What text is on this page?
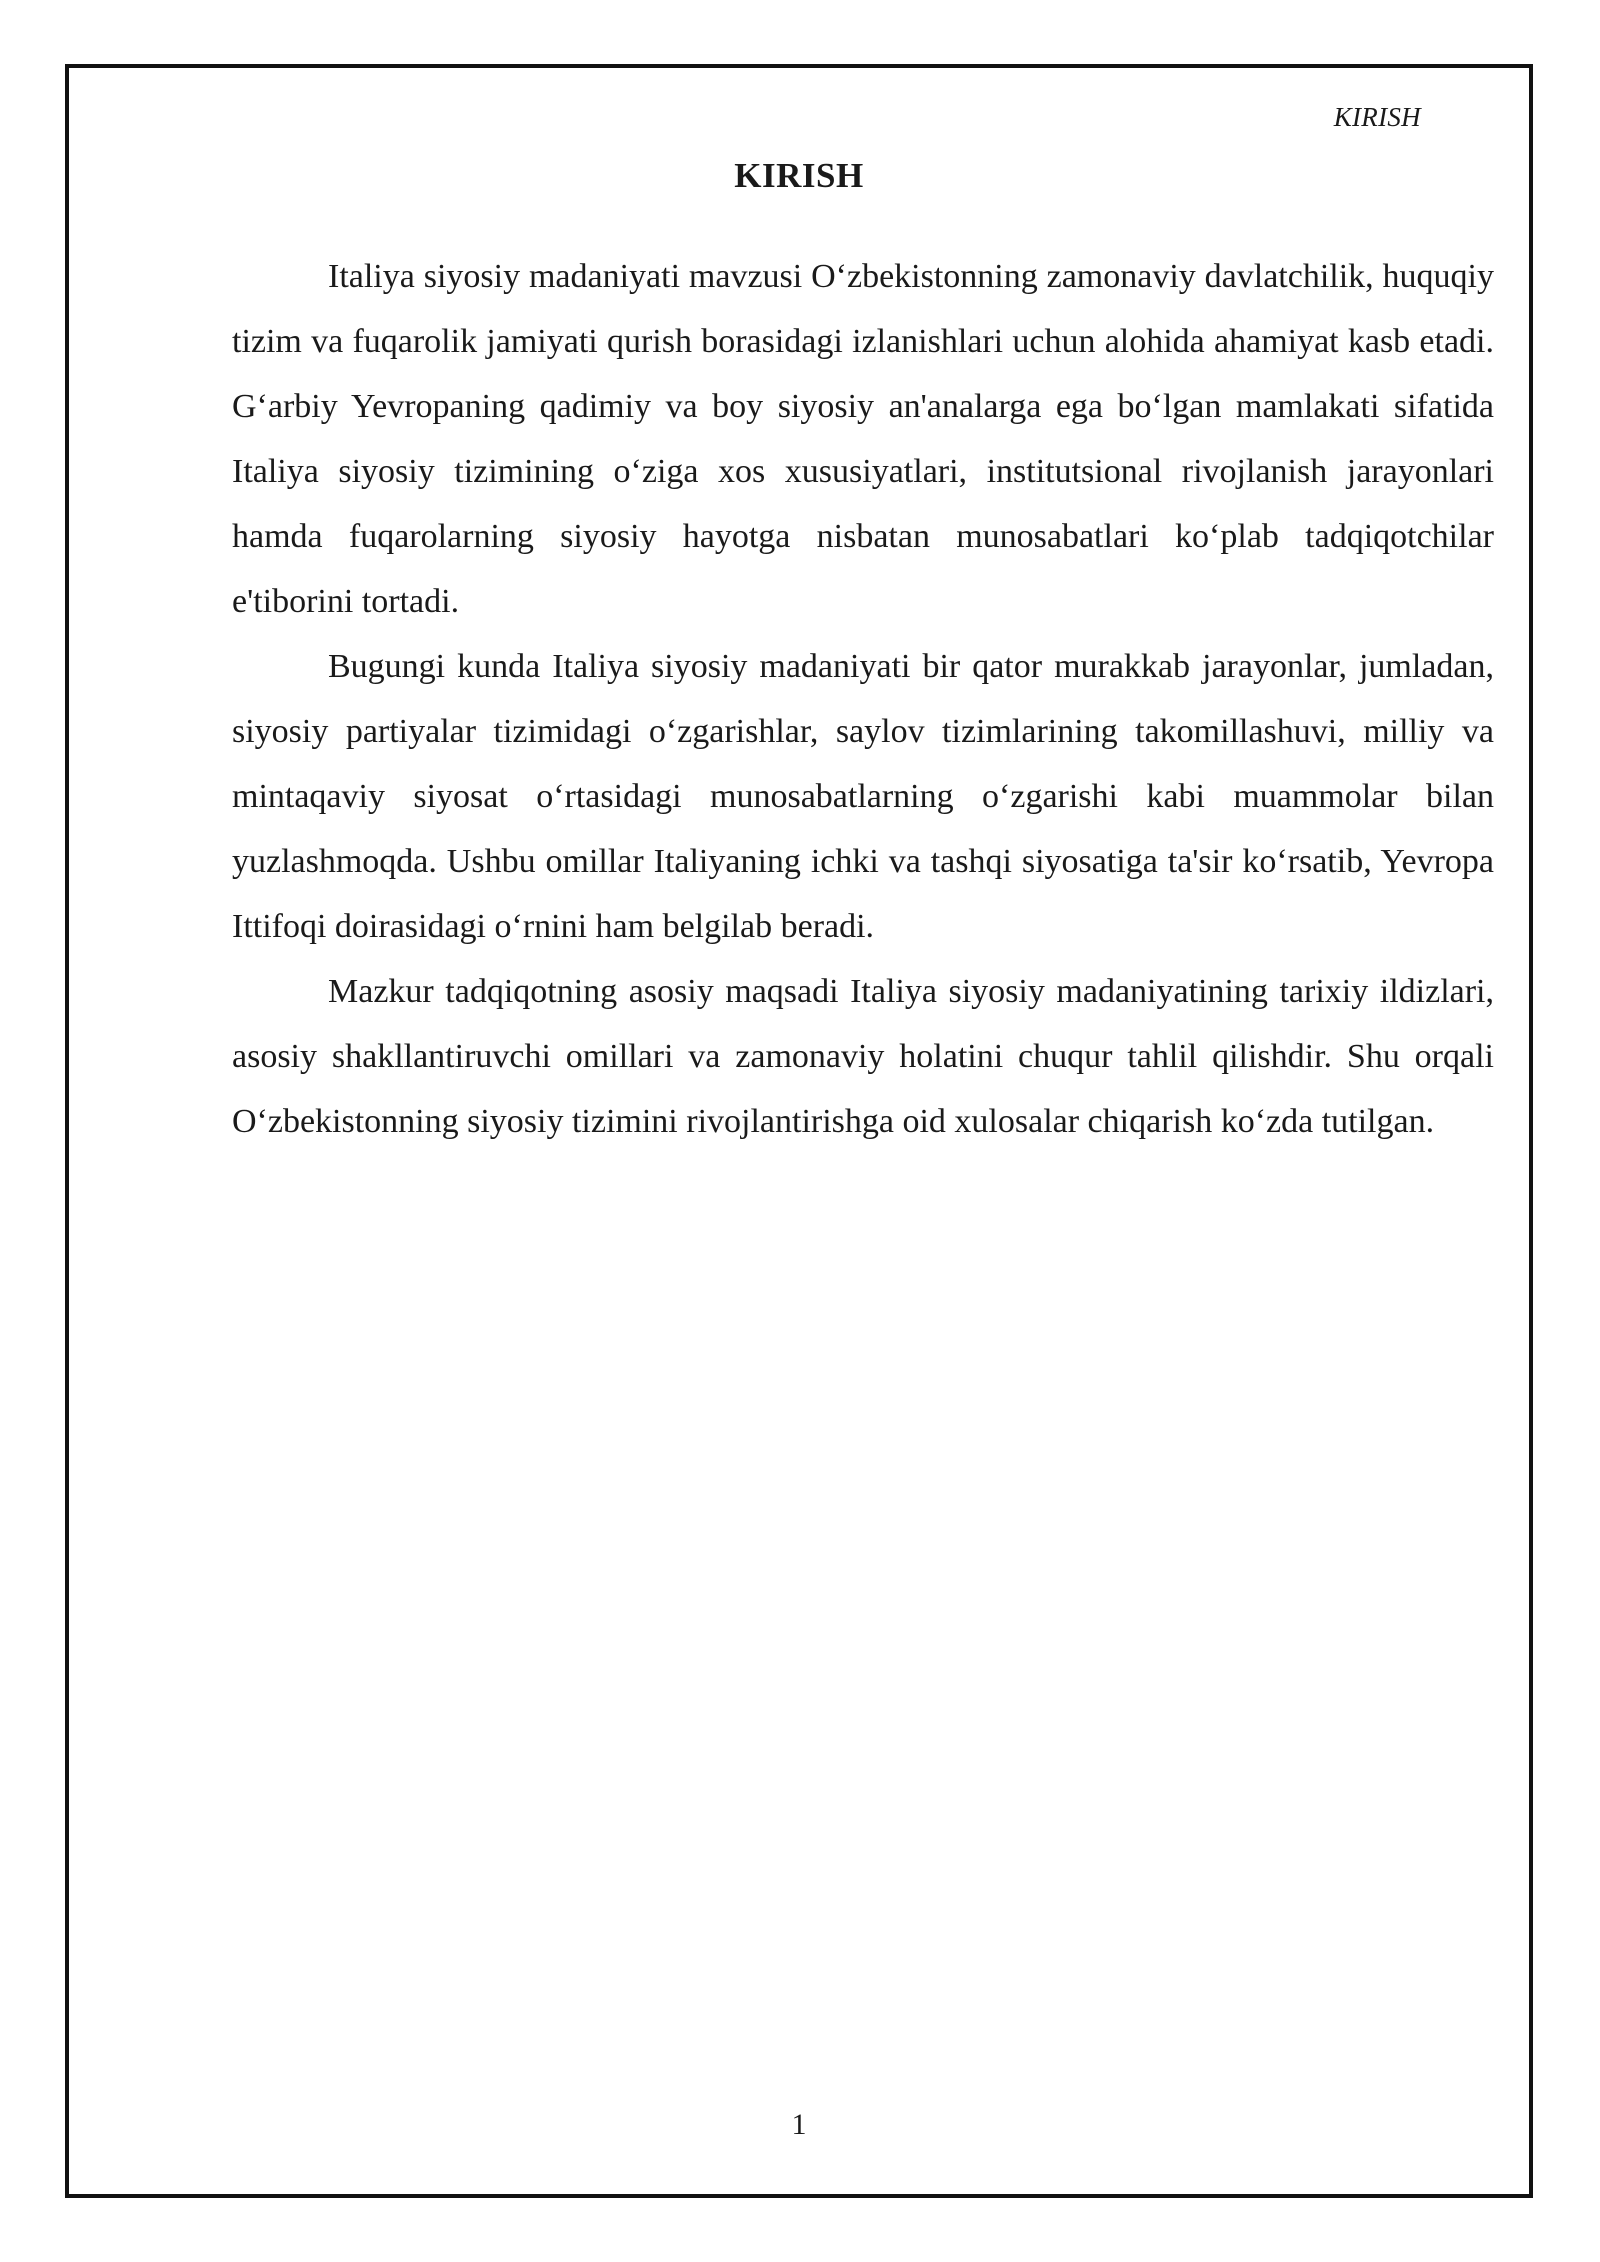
KIRISH
KIRISH

Italiya siyosiy madaniyati mavzusi O‘zbekistonning zamonaviy davlatchilik, huquqiy tizim va fuqarolik jamiyati qurish borasidagi izlanishlari uchun alohida ahamiyat kasb etadi. G‘arbiy Yevropaning qadimiy va boy siyosiy an'analarga ega bo‘lgan mamlakati sifatida Italiya siyosiy tizimining o‘ziga xos xususiyatlari, institutsional rivojlanish jarayonlari hamda fuqarolarning siyosiy hayotga nisbatan munosabatlari ko‘plab tadqiqotchilar e'tiborini tortadi.

Bugungi kunda Italiya siyosiy madaniyati bir qator murakkab jarayonlar, jumladan, siyosiy partiyalar tizimidagi o‘zgarishlar, saylov tizimlarining takomillashuvi, milliy va mintaqaviy siyosat o‘rtasidagi munosabatlarning o‘zgarishi kabi muammolar bilan yuzlashmoqda. Ushbu omillar Italiyaning ichki va tashqi siyosatiga ta'sir ko‘rsatib, Yevropa Ittifoqi doirasidagi o‘rnini ham belgilab beradi.

Mazkur tadqiqotning asosiy maqsadi Italiya siyosiy madaniyatining tarixiy ildizlari, asosiy shakllantiruvchi omillari va zamonaviy holatini chuqur tahlil qilishdir. Shu orqali O‘zbekistonning siyosiy tizimini rivojlantirishga oid xulosalar chiqarish ko‘zda tutilgan.

1
